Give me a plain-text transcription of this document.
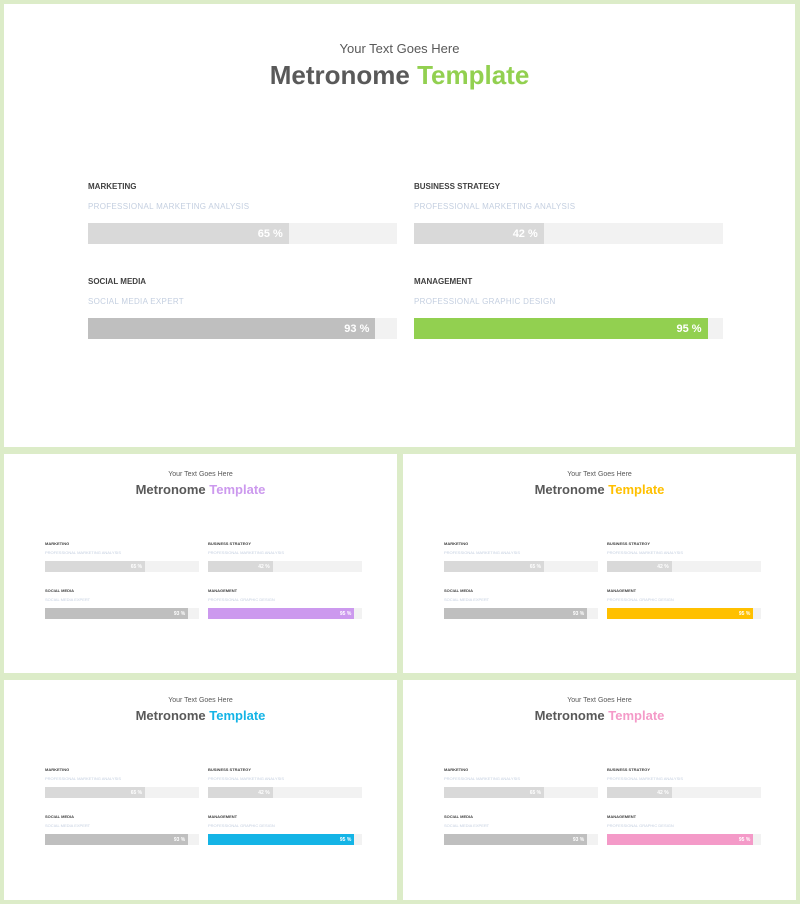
Your Text Goes Here
Metronome Template
MARKETING
PROFESSIONAL MARKETING ANALYSIS
65 %
BUSINESS STRATEGY
PROFESSIONAL MARKETING ANALYSIS
42 %
SOCIAL MEDIA
SOCIAL MEDIA EXPERT
93 %
MANAGEMENT
PROFESSIONAL GRAPHIC DESIGN
95 %
Your Text Goes Here
Metronome Template
MARKETING
PROFESSIONAL MARKETING ANALYSIS
65 %
BUSINESS STRATEGY
PROFESSIONAL MARKETING ANALYSIS
42 %
SOCIAL MEDIA
SOCIAL MEDIA EXPERT
93 %
MANAGEMENT
PROFESSIONAL GRAPHIC DESIGN
95 %
Your Text Goes Here
Metronome Template
MARKETING
PROFESSIONAL MARKETING ANALYSIS
65 %
BUSINESS STRATEGY
PROFESSIONAL MARKETING ANALYSIS
42 %
SOCIAL MEDIA
SOCIAL MEDIA EXPERT
93 %
MANAGEMENT
PROFESSIONAL GRAPHIC DESIGN
95 %
Your Text Goes Here
Metronome Template
MARKETING
PROFESSIONAL MARKETING ANALYSIS
65 %
BUSINESS STRATEGY
PROFESSIONAL MARKETING ANALYSIS
42 %
SOCIAL MEDIA
SOCIAL MEDIA EXPERT
93 %
MANAGEMENT
PROFESSIONAL GRAPHIC DESIGN
95 %
Your Text Goes Here
Metronome Template
MARKETING
PROFESSIONAL MARKETING ANALYSIS
65 %
BUSINESS STRATEGY
PROFESSIONAL MARKETING ANALYSIS
42 %
SOCIAL MEDIA
SOCIAL MEDIA EXPERT
93 %
MANAGEMENT
PROFESSIONAL GRAPHIC DESIGN
95 %
